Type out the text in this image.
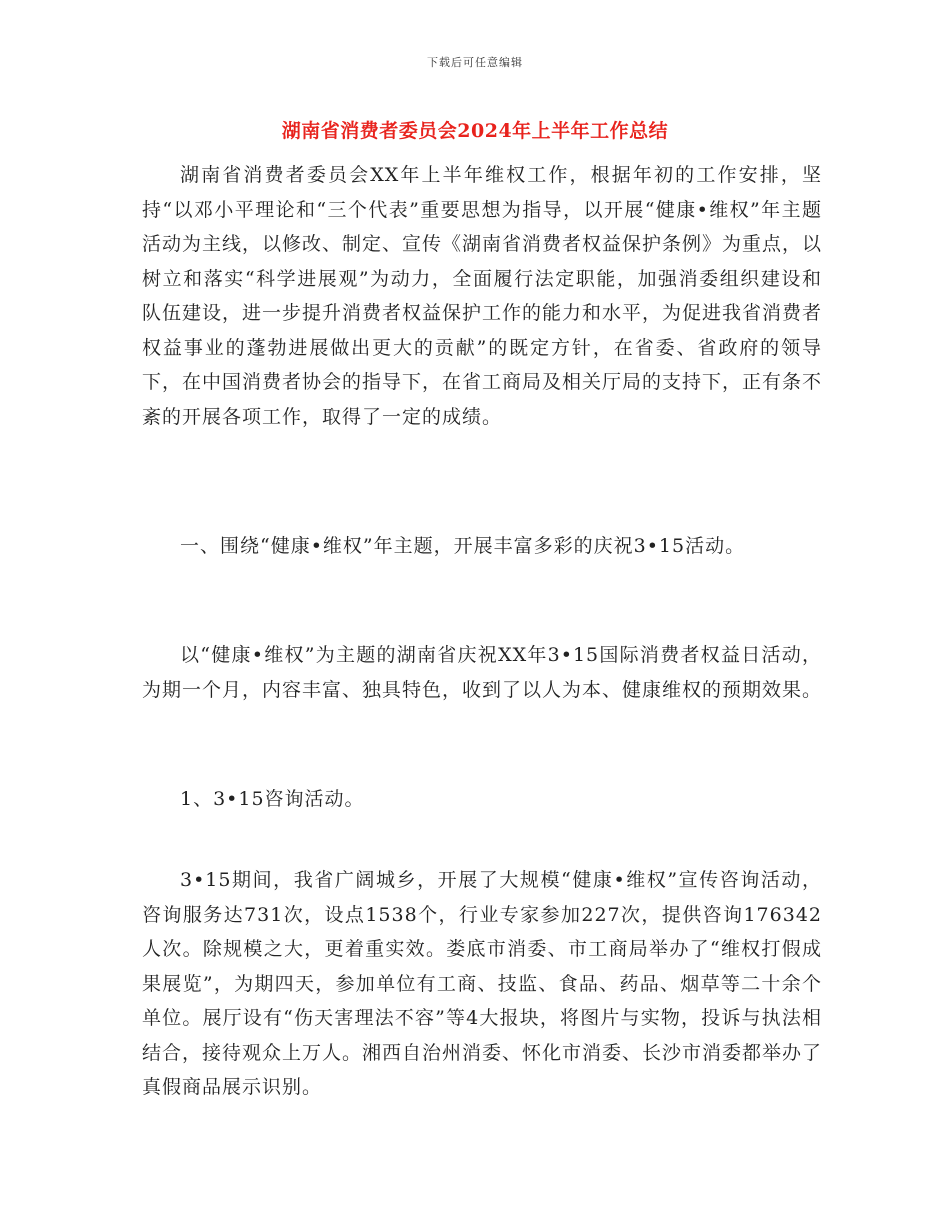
下载后可任意编辑
湖南省消费者委员会2024年上半年工作总结

湖南省消费者委员会XX年上半年维权工作，根据年初的工作安排，坚持“以邓小平理论和“三个代表”重要思想为指导，以开展“健康•维权”年主题活动为主线，以修改、制定、宣传《湖南省消费者权益保护条例》为重点，以树立和落实“科学进展观”为动力，全面履行法定职能，加强消委组织建设和队伍建设，进一步提升消费者权益保护工作的能力和水平，为促进我省消费者权益事业的蓬勃进展做出更大的贡献”的既定方针，在省委、省政府的领导下，在中国消费者协会的指导下，在省工商局及相关厅局的支持下，正有条不紊的开展各项工作，取得了一定的成绩。

一、围绕“健康•维权”年主题，开展丰富多彩的庆祝3•15活动。

以“健康•维权”为主题的湖南省庆祝XX年3•15国际消费者权益日活动，为期一个月，内容丰富、独具特色，收到了以人为本、健康维权的预期效果。

1、3•15咨询活动。

3•15期间，我省广阔城乡，开展了大规模“健康•维权”宣传咨询活动，咨询服务达731次，设点1538个，行业专家参加227次，提供咨询176342人次。除规模之大，更着重实效。娄底市消委、市工商局举办了“维权打假成果展览”，为期四天，参加单位有工商、技监、食品、药品、烟草等二十余个单位。展厅设有“伤天害理法不容”等4大报块，将图片与实物，投诉与执法相结合，接待观众上万人。湘西自治州消委、怀化市消委、长沙市消委都举办了真假商品展示识别。
